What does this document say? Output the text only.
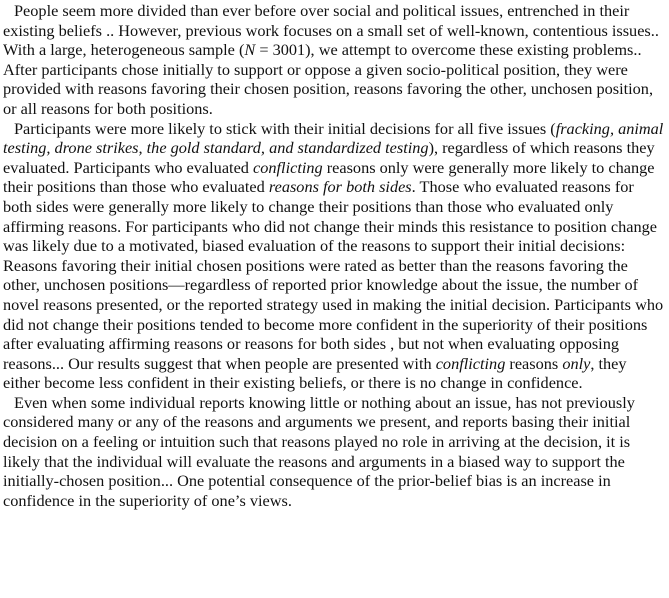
People seem more divided than ever before over social and political issues, entrenched in their existing beliefs .. However, previous work focuses on a small set of well-known, contentious issues.. With a large, heterogeneous sample (N = 3001), we attempt to overcome these existing problems.. After participants chose initially to support or oppose a given socio-political position, they were provided with reasons favoring their chosen position, reasons favoring the other, unchosen position, or all reasons for both positions.

Participants were more likely to stick with their initial decisions for all five issues (fracking, animal testing, drone strikes, the gold standard, and standardized testing), regardless of which reasons they evaluated. Participants who evaluated conflicting reasons only were generally more likely to change their positions than those who evaluated reasons for both sides. Those who evaluated reasons for both sides were generally more likely to change their positions than those who evaluated only affirming reasons. For participants who did not change their minds this resistance to position change was likely due to a motivated, biased evaluation of the reasons to support their initial decisions: Reasons favoring their initial chosen positions were rated as better than the reasons favoring the other, unchosen positions—regardless of reported prior knowledge about the issue, the number of novel reasons presented, or the reported strategy used in making the initial decision. Participants who did not change their positions tended to become more confident in the superiority of their positions after evaluating affirming reasons or reasons for both sides , but not when evaluating opposing reasons... Our results suggest that when people are presented with conflicting reasons only, they either become less confident in their existing beliefs, or there is no change in confidence.

Even when some individual reports knowing little or nothing about an issue, has not previously considered many or any of the reasons and arguments we present, and reports basing their initial decision on a feeling or intuition such that reasons played no role in arriving at the decision, it is likely that the individual will evaluate the reasons and arguments in a biased way to support the initially-chosen position... One potential consequence of the prior-belief bias is an increase in confidence in the superiority of one’s views.
